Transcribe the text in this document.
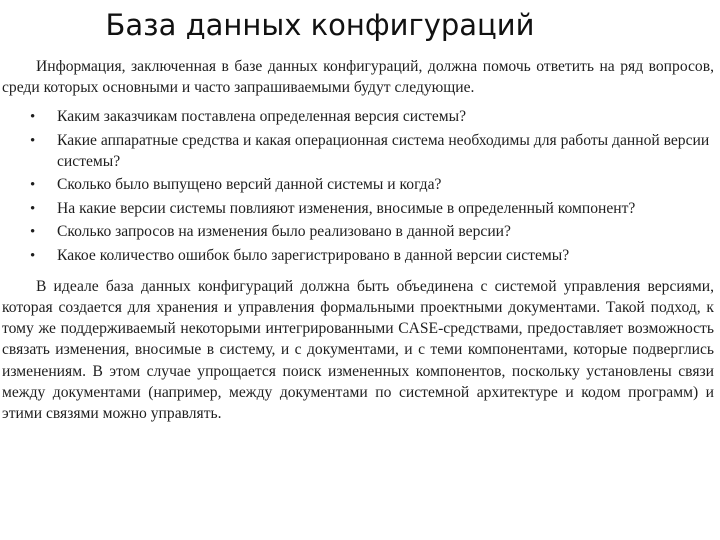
База данных конфигураций

Информация, заключенная в базе данных конфигураций, должна помочь ответить на ряд вопросов, среди которых основными и часто запрашиваемыми будут следующие.

• Каким заказчикам поставлена определенная версия системы?
• Какие аппаратные средства и какая операционная система необходимы для работы данной версии системы?
• Сколько было выпущено версий данной системы и когда?
• На какие версии системы повлияют изменения, вносимые в определенный компонент?
• Сколько запросов на изменения было реализовано в данной версии?
• Какое количество ошибок было зарегистрировано в данной версии системы?

В идеале база данных конфигураций должна быть объединена с системой управления версиями, которая создается для хранения и управления формальными проектными документами. Такой подход, к тому же поддерживаемый некоторыми интегрированными CASE-средствами, предоставляет возможность связать изменения, вносимые в систему, и с документами, и с теми компонентами, которые подверглись изменениям. В этом случае упрощается поиск измененных компонентов, поскольку установлены связи между документами (например, между документами по системной архитектуре и кодом программ) и этими связями можно управлять.
